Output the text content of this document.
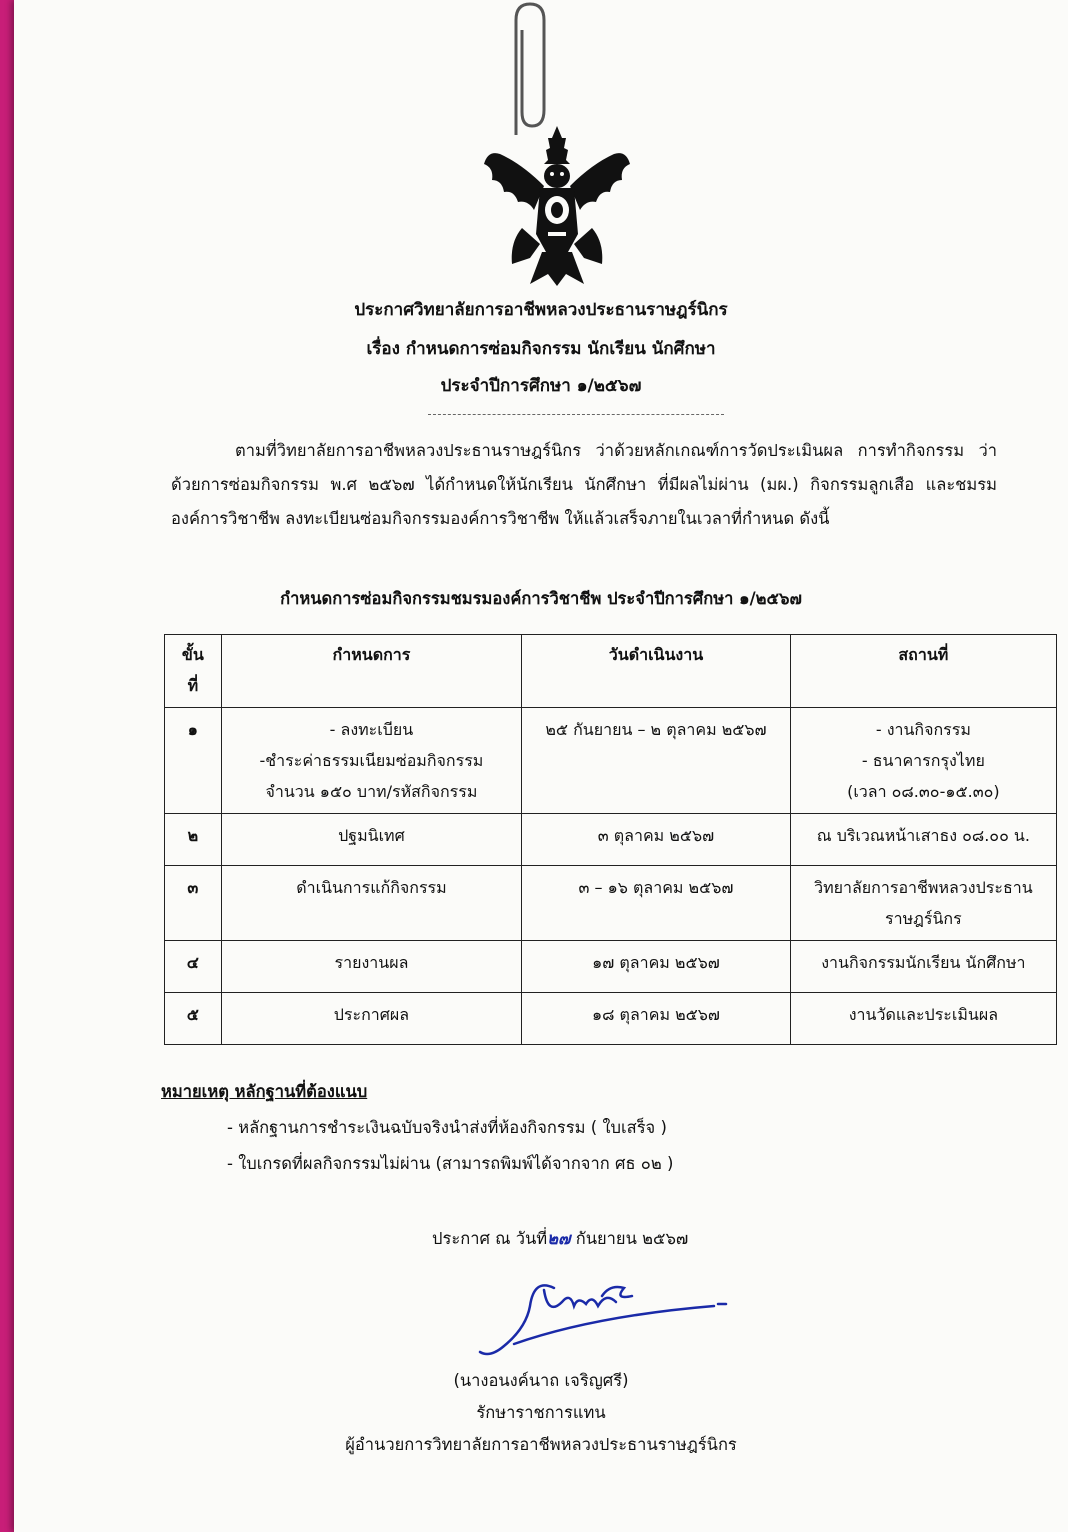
ประกาศวิทยาลัยการอาชีพหลวงประธานราษฎร์นิกร
เรื่อง กำหนดการซ่อมกิจกรรม นักเรียน นักศึกษา
ประจำปีการศึกษา ๑/๒๕๖๗
ตามที่วิทยาลัยการอาชีพหลวงประธานราษฎร์นิกร ว่าด้วยหลักเกณฑ์การวัดประเมินผล การทำกิจกรรม ว่าด้วยการซ่อมกิจกรรม พ.ศ ๒๕๖๗ ได้กำหนดให้นักเรียน นักศึกษา ที่มีผลไม่ผ่าน (มผ.) กิจกรรมลูกเสือ และชมรมองค์การวิชาชีพ ลงทะเบียนซ่อมกิจกรรมองค์การวิชาชีพ ให้แล้วเสร็จภายในเวลาที่กำหนด ดังนี้
กำหนดการซ่อมกิจกรรมชมรมองค์การวิชาชีพ ประจำปีการศึกษา ๑/๒๕๖๗
ขั้น
ที่	กำหนดการ	วันดำเนินงาน	สถานที่
๑	- ลงทะเบียน
-ชำระค่าธรรมเนียมซ่อมกิจกรรม
จำนวน ๑๕๐ บาท/รหัสกิจกรรม	๒๕ กันยายน – ๒ ตุลาคม ๒๕๖๗	- งานกิจกรรม
- ธนาคารกรุงไทย
(เวลา ๐๘.๓๐-๑๕.๓๐)
๒	ปฐมนิเทศ	๓ ตุลาคม ๒๕๖๗	ณ บริเวณหน้าเสาธง ๐๘.๐๐ น.
๓	ดำเนินการแก้กิจกรรม	๓ – ๑๖ ตุลาคม ๒๕๖๗	วิทยาลัยการอาชีพหลวงประธาน
ราษฎร์นิกร
๔	รายงานผล	๑๗ ตุลาคม ๒๕๖๗	งานกิจกรรมนักเรียน นักศึกษา
๕	ประกาศผล	๑๘ ตุลาคม ๒๕๖๗	งานวัดและประเมินผล
หมายเหตุ หลักฐานที่ต้องแนบ
- หลักฐานการชำระเงินฉบับจริงนำส่งที่ห้องกิจกรรม ( ใบเสร็จ )
- ใบเกรดที่ผลกิจกรรมไม่ผ่าน (สามารถพิมพ์ได้จากจาก ศธ ๐๒ )
ประกาศ ณ วันที่๒๗ กันยายน ๒๕๖๗
(นางอนงค์นาถ เจริญศรี)
รักษาราชการแทน
ผู้อำนวยการวิทยาลัยการอาชีพหลวงประธานราษฎร์นิกร
